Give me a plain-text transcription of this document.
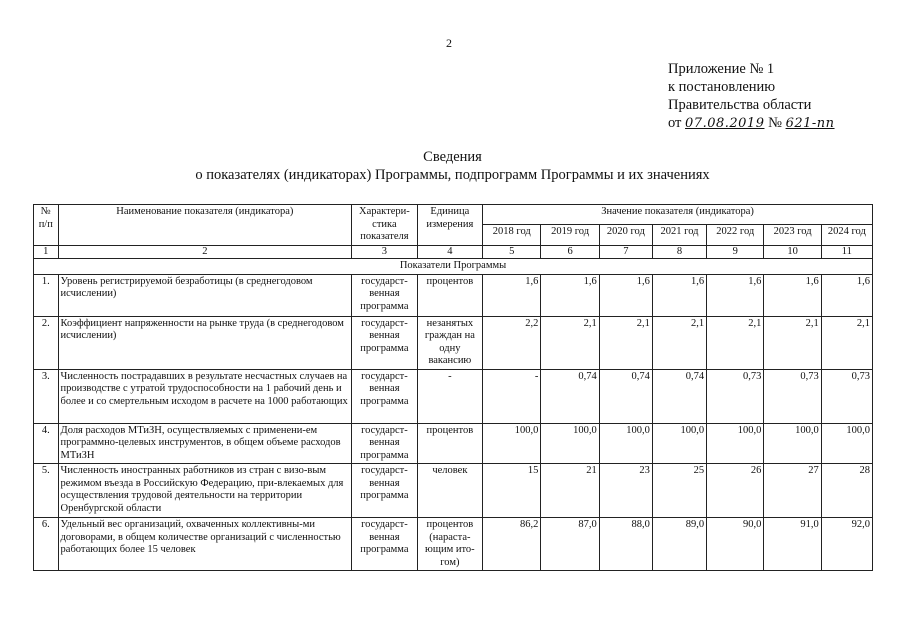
2
Приложение № 1
к постановлению
Правительства области
от 07.08.2019 № 621-пп
Сведения
о показателях (индикаторах) Программы, подпрограмм Программы и их значениях
№ п/п	Наименование показателя (индикатора)	Характери-стика показателя	Единица измерения	Значение показателя (индикатора)						
				2018 год	2019 год	2020 год	2021 год	2022 год	2023 год	2024 год
1	2	3	4	5	6	7	8	9	10	11
Показатели Программы										
1.	Уровень регистрируемой безработицы (в среднегодовом исчислении)	государст-венная программа	процентов	1,6	1,6	1,6	1,6	1,6	1,6	1,6
2.	Коэффициент напряженности на рынке труда (в среднегодовом исчислении)	государст-венная программа	незанятых граждан на одну вакансию	2,2	2,1	2,1	2,1	2,1	2,1	2,1
3.	Численность пострадавших в результате несчастных случаев на производстве с утратой трудоспособности на 1 рабочий день и более и со смертельным исходом в расчете на 1000 работающих	государст-венная программа	-	-	0,74	0,74	0,74	0,73	0,73	0,73
4.	Доля расходов МТиЗН, осуществляемых с применени-ем программно-целевых инструментов, в общем объеме расходов МТиЗН	государст-венная программа	процентов	100,0	100,0	100,0	100,0	100,0	100,0	100,0
5.	Численность иностранных работников из стран с визо-вым режимом въезда в Российскую Федерацию, при-влекаемых для осуществления трудовой деятельности на территории Оренбургской области	государст-венная программа	человек	15	21	23	25	26	27	28
6.	Удельный вес организаций, охваченных коллективны-ми договорами, в общем количестве организаций с численностью работающих более 15 человек	государст-венная программа	процентов (нараста-ющим ито-гом)	86,2	87,0	88,0	89,0	90,0	91,0	92,0
